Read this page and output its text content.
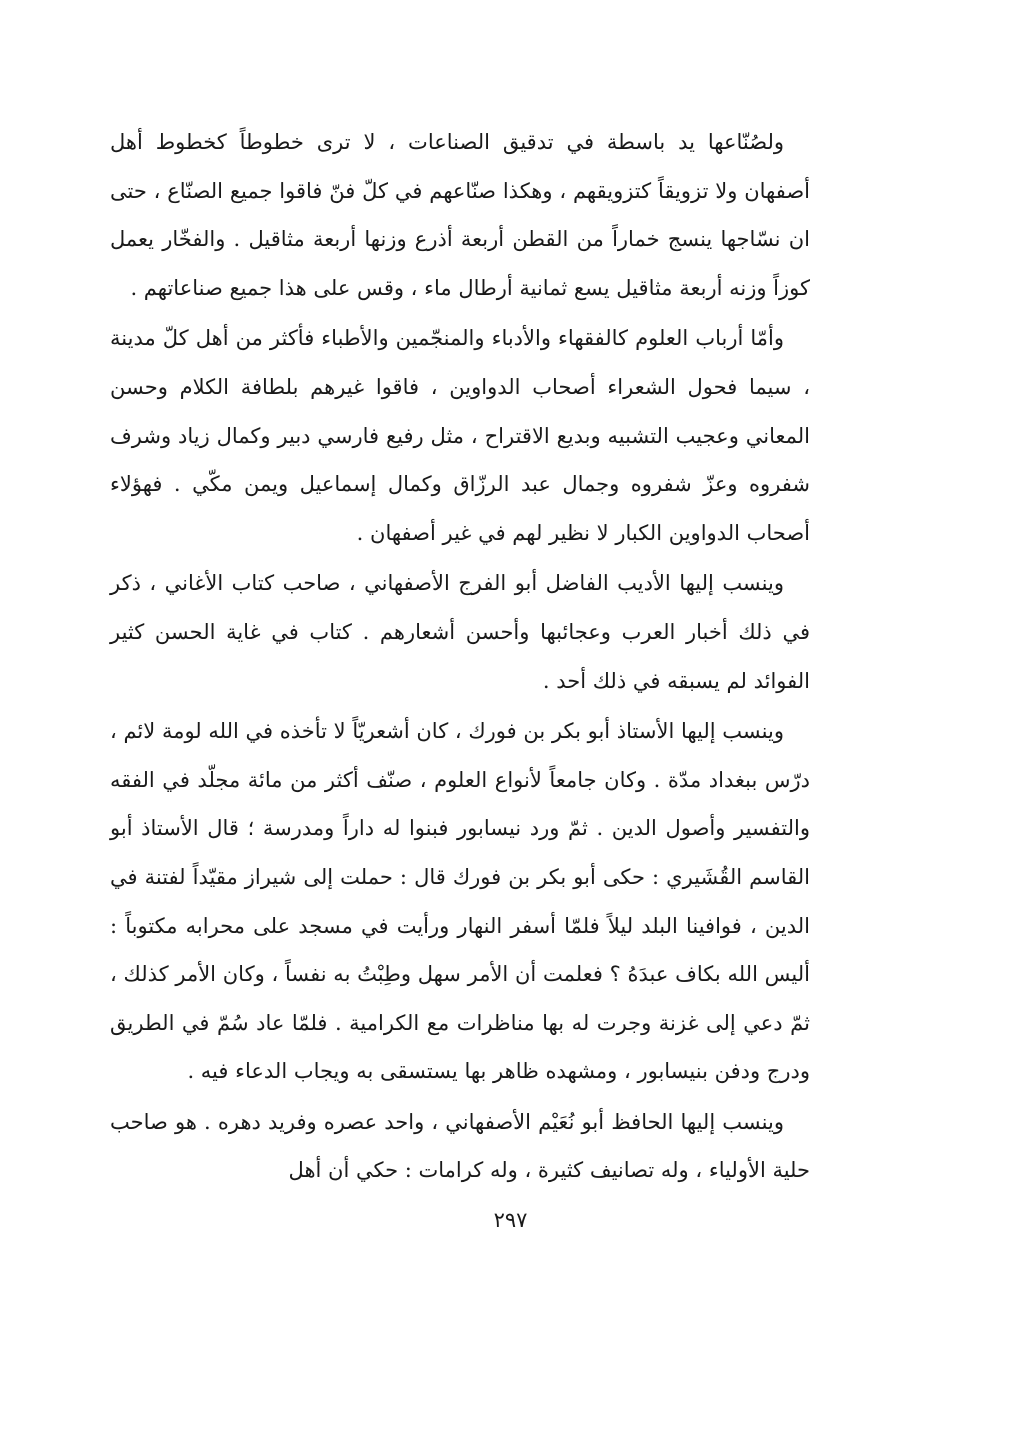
ولصُنّاعها يد باسطة في تدقيق الصناعات ، لا ترى خطوطاً كخطوط أهل أصفهان ولا تزويقاً كتزويقهم ، وهكذا صنّاعهم في كلّ فنّ فاقوا جميع الصنّاع ، حتى ان نسّاجها ينسج خماراً من القطن أربعة أذرع وزنها أربعة مثاقيل . والفخّار يعمل كوزاً وزنه أربعة مثاقيل يسع ثمانية أرطال ماء ، وقس على هذا جميع صناعاتهم .

وأمّا أرباب العلوم كالفقهاء والأدباء والمنجّمين والأطباء فأكثر من أهل كلّ مدينة ، سيما فحول الشعراء أصحاب الدواوين ، فاقوا غيرهم بلطافة الكلام وحسن المعاني وعجيب التشبيه وبديع الاقتراح ، مثل رفيع فارسي دبير وكمال زياد وشرف شفروه وعزّ شفروه وجمال عبد الرزّاق وكمال إسماعيل ويمن مكّي . فهؤلاء أصحاب الدواوين الكبار لا نظير لهم في غير أصفهان .

وينسب إليها الأديب الفاضل أبو الفرج الأصفهاني ، صاحب كتاب الأغاني ، ذكر في ذلك أخبار العرب وعجائبها وأحسن أشعارهم . كتاب في غاية الحسن كثير الفوائد لم يسبقه في ذلك أحد .

وينسب إليها الأستاذ أبو بكر بن فورك ، كان أشعريّاً لا تأخذه في الله لومة لائم ، درّس ببغداد مدّة . وكان جامعاً لأنواع العلوم ، صنّف أكثر من مائة مجلّد في الفقه والتفسير وأصول الدين . ثمّ ورد نيسابور فبنوا له داراً ومدرسة ؛ قال الأستاذ أبو القاسم القُشَيري : حكى أبو بكر بن فورك قال : حملت إلى شيراز مقيّداً لفتنة في الدين ، فوافينا البلد ليلاً فلمّا أسفر النهار ورأيت في مسجد على محرابه مكتوباً : أليس الله بكاف عبدَهُ ؟ فعلمت أن الأمر سهل وطِبْتُ به نفساً ، وكان الأمر كذلك ، ثمّ دعي إلى غزنة وجرت له بها مناظرات مع الكرامية . فلمّا عاد سُمّ في الطريق ودرج ودفن بنيسابور ، ومشهده ظاهر بها يستسقى به ويجاب الدعاء فيه .

وينسب إليها الحافظ أبو نُعَيْم الأصفهاني ، واحد عصره وفريد دهره . هو صاحب حلية الأولياء ، وله تصانيف كثيرة ، وله كرامات : حكي أن أهل

٢٩٧
